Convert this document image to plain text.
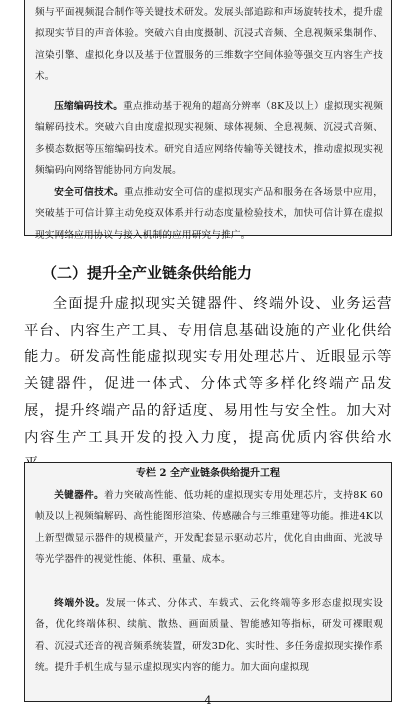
频与平面视频混合制作等关键技术研发。发展头部追踪和声场旋转技术，提升虚拟现实节目的声音体验。突破六自由度摄制、沉浸式音频、全息视频采集制作、渲染引擎、虚拟化身以及基于位置服务的三维数字空间体验等强交互内容生产技术。

压缩编码技术。重点推动基于视角的超高分辨率（8K及以上）虚拟现实视频编解码技术。突破六自由度虚拟现实视频、球体视频、全息视频、沉浸式音频、多模态数据等压缩编码技术。研究自适应网络传输等关键技术，推动虚拟现实视频编码向网络智能协同方向发展。

安全可信技术。重点推动安全可信的虚拟现实产品和服务在各场景中应用，突破基于可信计算主动免疫双体系并行动态度量检验技术，加快可信计算在虚拟现实网络应用协议与接入机制的应用研究与推广。

（二）提升全产业链条供给能力

全面提升虚拟现实关键器件、终端外设、业务运营平台、内容生产工具、专用信息基础设施的产业化供给能力。研发高性能虚拟现实专用处理芯片、近眼显示等关键器件，促进一体式、分体式等多样化终端产品发展，提升终端产品的舒适度、易用性与安全性。加大对内容生产工具开发的投入力度，提高优质内容供给水

专栏 2 全产业链条供给提升工程

关键器件。着力突破高性能、低功耗的虚拟现实专用处理芯片，支持8K 60帧及以上视频编解码、高性能图形渲染、传感融合与三维重建等功能。推进4K以上新型微显示器件的规模量产，开发配套显示驱动芯片，优化自由曲面、光波导等光学器件的视觉性能、体积、重量、成本。

终端外设。发展一体式、分体式、车载式、云化终端等多形态虚拟现实设备，优化终端体积、续航、散热、画面质量、智能感知等指标，研发可裸眼观看、沉浸式还音的视音频系统装置，研发3D化、实时性、多任务虚拟现实操作系统。提升手机生成与显示虚拟现实内容的能力。加大面向虚拟现

4
